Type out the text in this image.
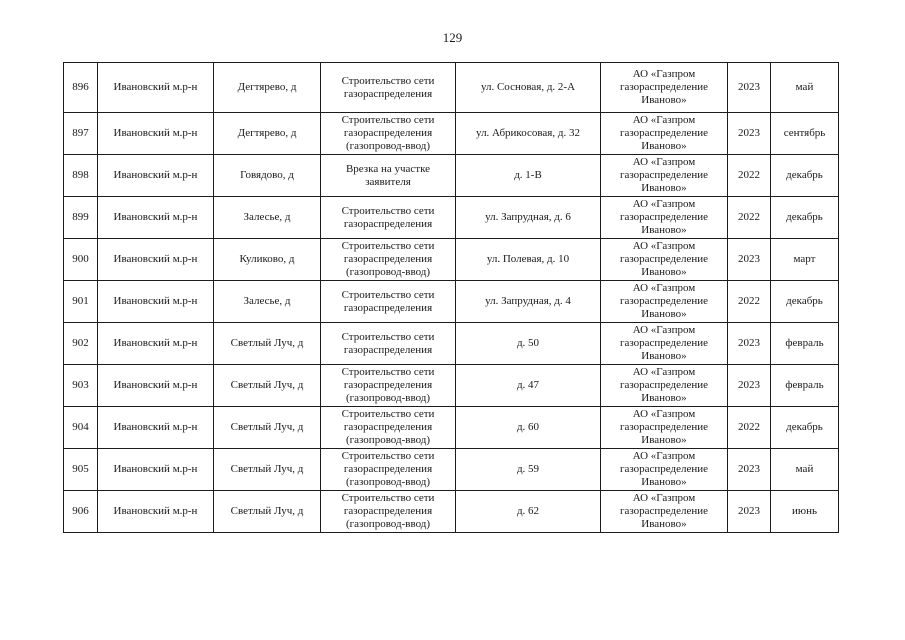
129
896	Ивановский м.р-н	Дегтярево, д	Строительство сети газораспределения	ул. Сосновая, д. 2-А	АО «Газпром газораспределение Иваново»	2023	май
897	Ивановский м.р-н	Дегтярево, д	Строительство сети газораспределения (газопровод-ввод)	ул. Абрикосовая, д. 32	АО «Газпром газораспределение Иваново»	2023	сентябрь
898	Ивановский м.р-н	Говядово, д	Врезка на участке заявителя	д. 1-В	АО «Газпром газораспределение Иваново»	2022	декабрь
899	Ивановский м.р-н	Залесье, д	Строительство сети газораспределения	ул. Запрудная, д. 6	АО «Газпром газораспределение Иваново»	2022	декабрь
900	Ивановский м.р-н	Куликово, д	Строительство сети газораспределения (газопровод-ввод)	ул. Полевая, д. 10	АО «Газпром газораспределение Иваново»	2023	март
901	Ивановский м.р-н	Залесье, д	Строительство сети газораспределения	ул. Запрудная, д. 4	АО «Газпром газораспределение Иваново»	2022	декабрь
902	Ивановский м.р-н	Светлый Луч, д	Строительство сети газораспределения	д. 50	АО «Газпром газораспределение Иваново»	2023	февраль
903	Ивановский м.р-н	Светлый Луч, д	Строительство сети газораспределения (газопровод-ввод)	д. 47	АО «Газпром газораспределение Иваново»	2023	февраль
904	Ивановский м.р-н	Светлый Луч, д	Строительство сети газораспределения (газопровод-ввод)	д. 60	АО «Газпром газораспределение Иваново»	2022	декабрь
905	Ивановский м.р-н	Светлый Луч, д	Строительство сети газораспределения (газопровод-ввод)	д. 59	АО «Газпром газораспределение Иваново»	2023	май
906	Ивановский м.р-н	Светлый Луч, д	Строительство сети газораспределения (газопровод-ввод)	д. 62	АО «Газпром газораспределение Иваново»	2023	июнь
